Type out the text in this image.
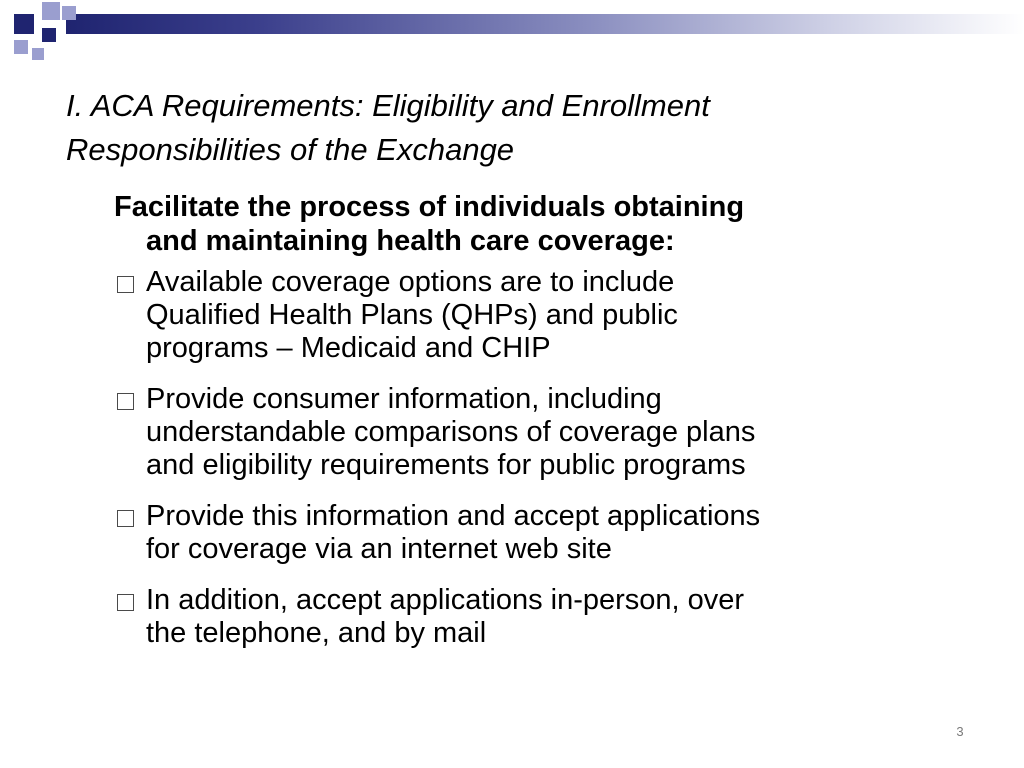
I. ACA Requirements: Eligibility and Enrollment
Responsibilities of the Exchange

Facilitate the process of individuals obtaining
and maintaining health care coverage:

Available coverage options are to include
Qualified Health Plans (QHPs) and public
programs – Medicaid and CHIP
Provide consumer information, including
understandable comparisons of coverage plans
and eligibility requirements for public programs
Provide this information and accept applications
for coverage via an internet web site
In addition, accept applications in-person, over
the telephone, and by mail
3
